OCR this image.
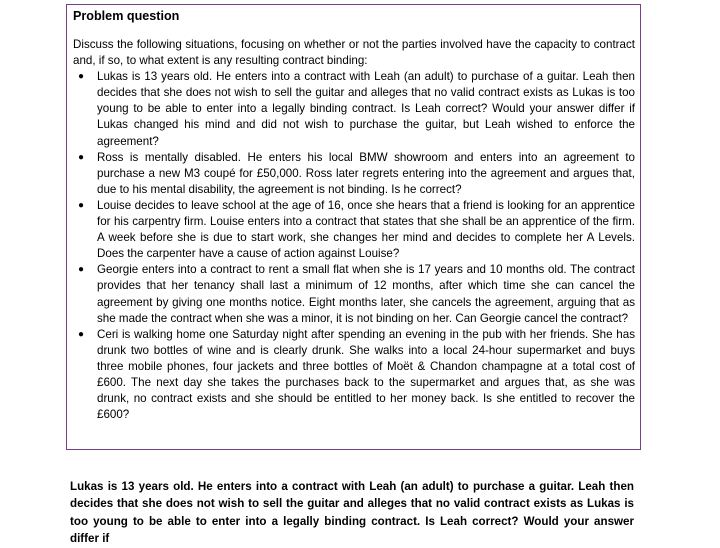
Problem question

Discuss the following situations, focusing on whether or not the parties involved have the capacity to contract and, if so, to what extent is any resulting contract binding:

● Lukas is 13 years old. He enters into a contract with Leah (an adult) to purchase of a guitar. Leah then decides that she does not wish to sell the guitar and alleges that no valid contract exists as Lukas is too young to be able to enter into a legally binding contract. Is Leah correct? Would your answer differ if Lukas changed his mind and did not wish to purchase the guitar, but Leah wished to enforce the agreement?
● Ross is mentally disabled. He enters his local BMW showroom and enters into an agreement to purchase a new M3 coupé for £50,000. Ross later regrets entering into the agreement and argues that, due to his mental disability, the agreement is not binding. Is he correct?
● Louise decides to leave school at the age of 16, once she hears that a friend is looking for an apprentice for his carpentry firm. Louise enters into a contract that states that she shall be an apprentice of the firm. A week before she is due to start work, she changes her mind and decides to complete her A Levels. Does the carpenter have a cause of action against Louise?
● Georgie enters into a contract to rent a small flat when she is 17 years and 10 months old. The contract provides that her tenancy shall last a minimum of 12 months, after which time she can cancel the agreement by giving one months notice. Eight months later, she cancels the agreement, arguing that as she made the contract when she was a minor, it is not binding on her. Can Georgie cancel the contract?
● Ceri is walking home one Saturday night after spending an evening in the pub with her friends. She has drunk two bottles of wine and is clearly drunk. She walks into a local 24-hour supermarket and buys three mobile phones, four jackets and three bottles of Moët & Chandon champagne at a total cost of £600. The next day she takes the purchases back to the supermarket and argues that, as she was drunk, no contract exists and she should be entitled to her money back. Is she entitled to recover the £600?

Lukas is 13 years old. He enters into a contract with Leah (an adult) to purchase a guitar. Leah then decides that she does not wish to sell the guitar and alleges that no valid contract exists as Lukas is too young to be able to enter into a legally binding contract. Is Leah correct? Would your answer differ if
